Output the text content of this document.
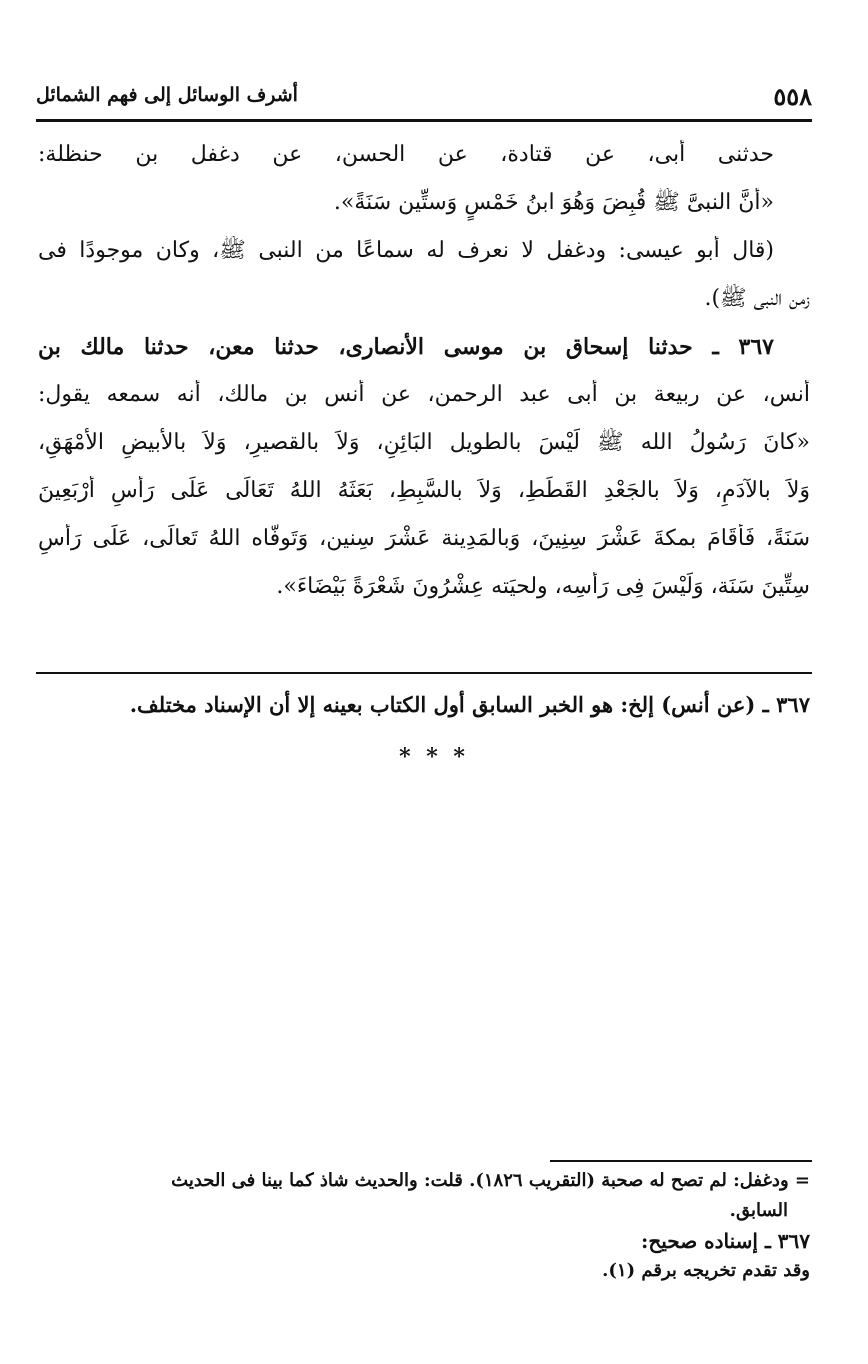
٥٥٨
أشرف الوسائل إلى فهم الشمائل
حدثنى أبى، عن قتادة، عن الحسن، عن دغفل بن حنظلة:
«أنَّ النبىَّ ﷺ قُبِضَ وَهُوَ ابنُ خَمْسٍ وَستِّين سَنَةً».
(قال أبو عيسى: ودغفل لا نعرف له سماعًا من النبى ﷺ، وكان موجودًا فى
زمن النبى ﷺ).
٣٦٧ ـ حدثنا إسحاق بن موسى الأنصارى، حدثنا معن، حدثنا مالك بن
أنس، عن ربيعة بن أبى عبد الرحمن، عن أنس بن مالك، أنه سمعه يقول:
«كانَ رَسُولُ الله ﷺ لَيْسَ بالطويل البَائِنِ، وَلاَ بالقصيرِ، وَلاَ بالأبيضِ الأمْهَقِ،
وَلاَ بالآدَمِ، وَلاَ بالجَعْدِ القَطَطِ، وَلاَ بالسَّبِطِ، بَعَثَهُ اللهُ تَعَالَى عَلَى رَأسِ أَرْبَعِينَ
سَنَةً، فَأقَامَ بمكةَ عَشْرَ سِنِينَ، وَبالمَدِينة عَشْرَ سِنين، وَتَوفَّاه اللهُ تَعالَى، عَلَى رَأسِ
سِتِّينَ سَنَة، وَلَيْسَ فِى رَأسِه، ولحيَته عِشْرُونَ شَعْرَةً بَيْضَاءَ».
٣٦٧ ـ (عن أنس) إلخ: هو الخبر السابق أول الكتاب بعينه إلا أن الإسناد مختلف.
* * *
= ودغفل: لم تصح له صحبة (التقريب ١٨٢٦). قلت: والحديث شاذ كما بينا فى الحديث
السابق.
٣٦٧ ـ إسناده صحيح:
وقد تقدم تخريجه برقم (١).
